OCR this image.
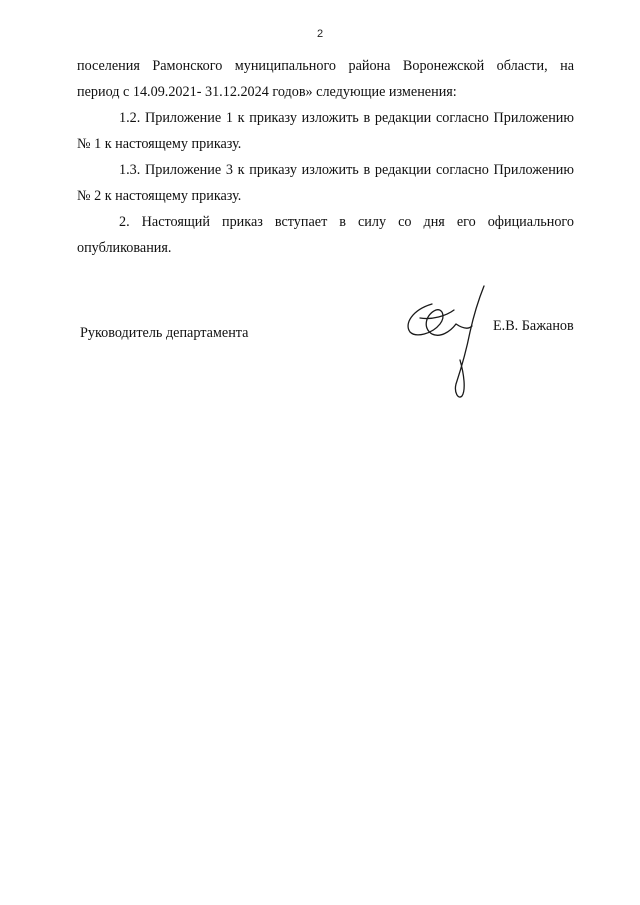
2

поселения Рамонского муниципального района Воронежской области, на
период с 14.09.2021- 31.12.2024 годов» следующие изменения:

1.2. Приложение 1 к приказу изложить в редакции согласно Приложению № 1 к настоящему приказу.

1.3. Приложение 3 к приказу изложить в редакции согласно Приложению № 2 к настоящему приказу.

2. Настоящий приказ вступает в силу со дня его официального опубликования.

Руководитель департамента	Е.В. Бажанов
